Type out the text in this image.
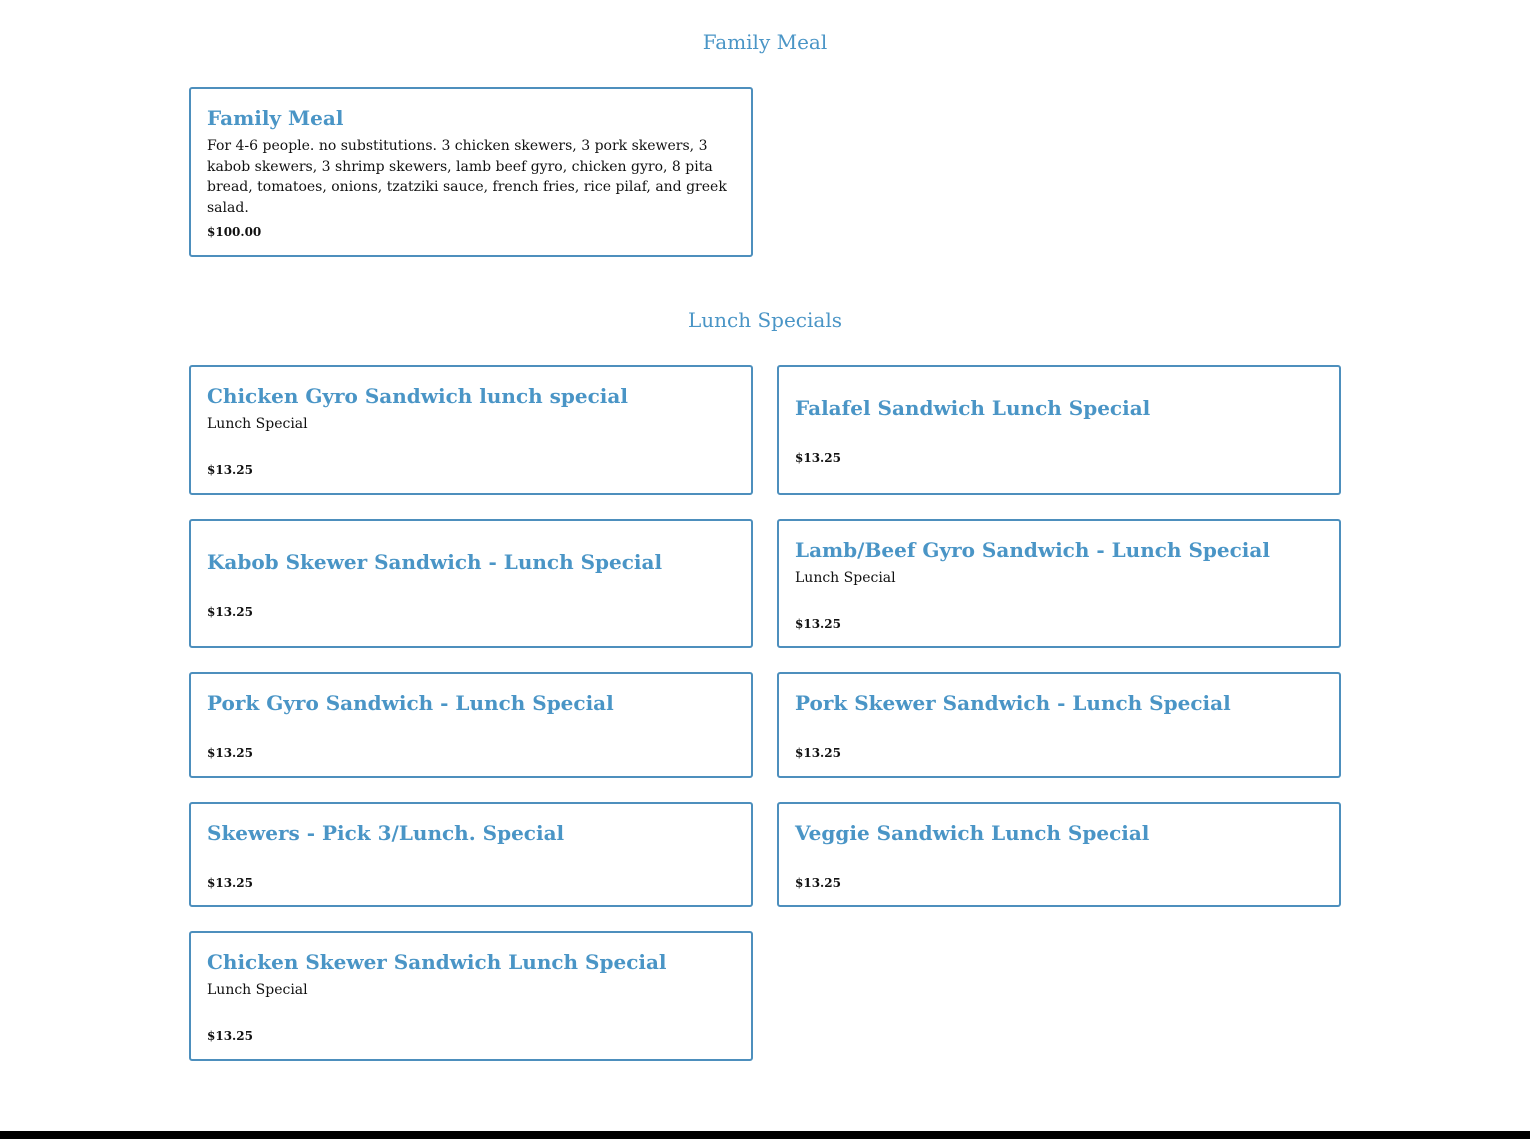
Family Meal
Family Meal
For 4-6 people. no substitutions. 3 chicken skewers, 3 pork skewers, 3 kabob skewers, 3 shrimp skewers, lamb beef gyro, chicken gyro, 8 pita bread, tomatoes, onions, tzatziki sauce, french fries, rice pilaf, and greek salad.
$100.00
Lunch Specials
Chicken Gyro Sandwich lunch special
Lunch Special
$13.25
Falafel Sandwich Lunch Special
$13.25
Kabob Skewer Sandwich - Lunch Special
$13.25
Lamb/Beef Gyro Sandwich - Lunch Special
Lunch Special
$13.25
Pork Gyro Sandwich - Lunch Special
$13.25
Pork Skewer Sandwich - Lunch Special
$13.25
Skewers - Pick 3/Lunch. Special
$13.25
Veggie Sandwich Lunch Special
$13.25
Chicken Skewer Sandwich Lunch Special
Lunch Special
$13.25
